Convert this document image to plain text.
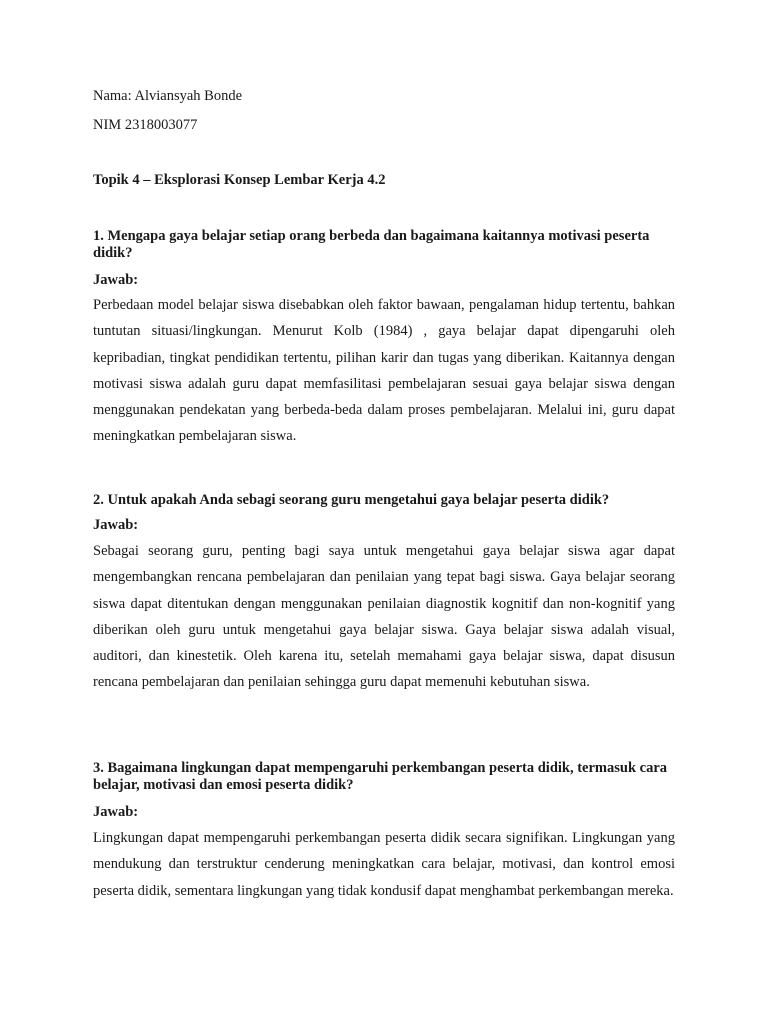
Nama: Alviansyah Bonde
NIM 2318003077
Topik 4 – Eksplorasi Konsep Lembar Kerja 4.2
1. Mengapa gaya belajar setiap orang berbeda dan bagaimana kaitannya motivasi peserta didik?
Jawab:
Perbedaan model belajar siswa disebabkan oleh faktor bawaan, pengalaman hidup tertentu, bahkan tuntutan situasi/lingkungan. Menurut Kolb (1984) , gaya belajar dapat dipengaruhi oleh kepribadian, tingkat pendidikan tertentu, pilihan karir dan tugas yang diberikan. Kaitannya dengan motivasi siswa adalah guru dapat memfasilitasi pembelajaran sesuai gaya belajar siswa dengan menggunakan pendekatan yang berbeda-beda dalam proses pembelajaran. Melalui ini, guru dapat meningkatkan pembelajaran siswa.
2. Untuk apakah Anda sebagi seorang guru mengetahui gaya belajar peserta didik?
Jawab:
Sebagai seorang guru, penting bagi saya untuk mengetahui gaya belajar siswa agar dapat mengembangkan rencana pembelajaran dan penilaian yang tepat bagi siswa. Gaya belajar seorang siswa dapat ditentukan dengan menggunakan penilaian diagnostik kognitif dan non-kognitif yang diberikan oleh guru untuk mengetahui gaya belajar siswa. Gaya belajar siswa adalah visual, auditori, dan kinestetik. Oleh karena itu, setelah memahami gaya belajar siswa, dapat disusun rencana pembelajaran dan penilaian sehingga guru dapat memenuhi kebutuhan siswa.
3. Bagaimana lingkungan dapat mempengaruhi perkembangan peserta didik, termasuk cara belajar, motivasi dan emosi peserta didik?
Jawab:
Lingkungan dapat mempengaruhi perkembangan peserta didik secara signifikan. Lingkungan yang mendukung dan terstruktur cenderung meningkatkan cara belajar, motivasi, dan kontrol emosi peserta didik, sementara lingkungan yang tidak kondusif dapat menghambat perkembangan mereka.
